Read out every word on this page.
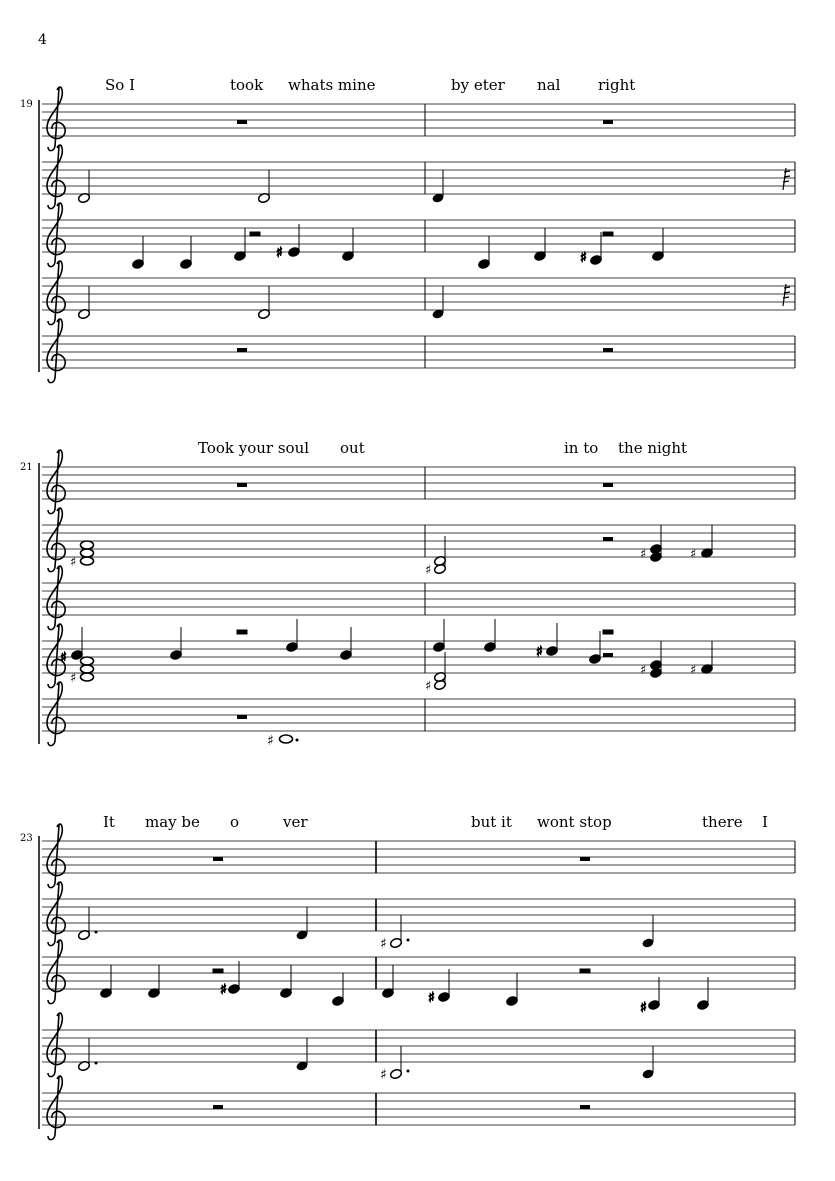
4
19
So I	took whats mine	by eter nal	right
♯	♯
21
Took your soul out	in to the night
♯
♯
♯	♯
♯	♯
♯
♯
♯	♯
♯
23
It may be o	ver	but it wont stop	there I
♯
♯	♯
♯
♯
